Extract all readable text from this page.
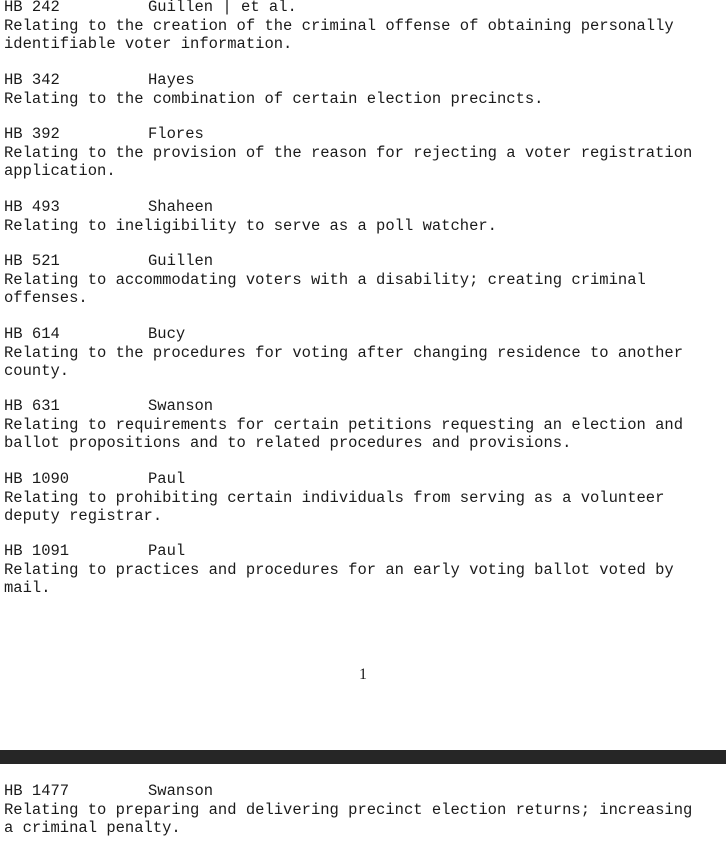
HB 242	Guillen | et al.
Relating to the creation of the criminal offense of obtaining personally
identifiable voter information.
HB 342	Hayes
Relating to the combination of certain election precincts.
HB 392	Flores
Relating to the provision of the reason for rejecting a voter registration
application.
HB 493	Shaheen
Relating to ineligibility to serve as a poll watcher.
HB 521	Guillen
Relating to accommodating voters with a disability; creating criminal
offenses.
HB 614	Bucy
Relating to the procedures for voting after changing residence to another
county.
HB 631	Swanson
Relating to requirements for certain petitions requesting an election and
ballot propositions and to related procedures and provisions.
HB 1090	Paul
Relating to prohibiting certain individuals from serving as a volunteer
deputy registrar.
HB 1091	Paul
Relating to practices and procedures for an early voting ballot voted by
mail.
1
HB 1477	Swanson
Relating to preparing and delivering precinct election returns; increasing
a criminal penalty.
